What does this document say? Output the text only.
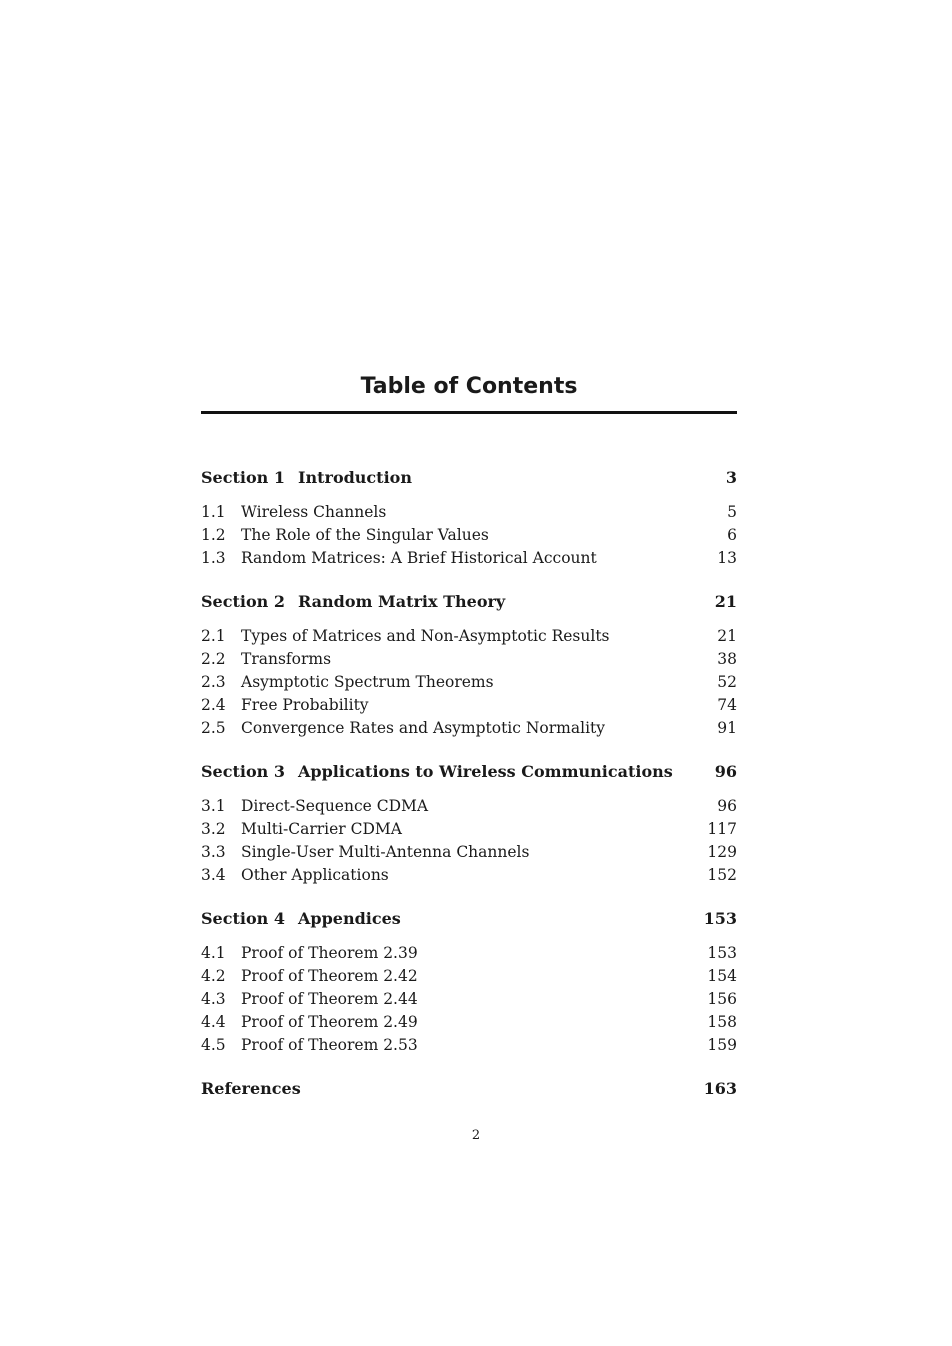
Table of Contents
Section 1 Introduction	3
1.1 Wireless Channels	5
1.2 The Role of the Singular Values	6
1.3 Random Matrices: A Brief Historical Account	13
Section 2 Random Matrix Theory	21
2.1 Types of Matrices and Non-Asymptotic Results	21
2.2 Transforms	38
2.3 Asymptotic Spectrum Theorems	52
2.4 Free Probability	74
2.5 Convergence Rates and Asymptotic Normality	91
Section 3 Applications to Wireless Communications	96
3.1 Direct-Sequence CDMA	96
3.2 Multi-Carrier CDMA	117
3.3 Single-User Multi-Antenna Channels	129
3.4 Other Applications	152
Section 4 Appendices	153
4.1 Proof of Theorem 2.39	153
4.2 Proof of Theorem 2.42	154
4.3 Proof of Theorem 2.44	156
4.4 Proof of Theorem 2.49	158
4.5 Proof of Theorem 2.53	159
References	163
2
